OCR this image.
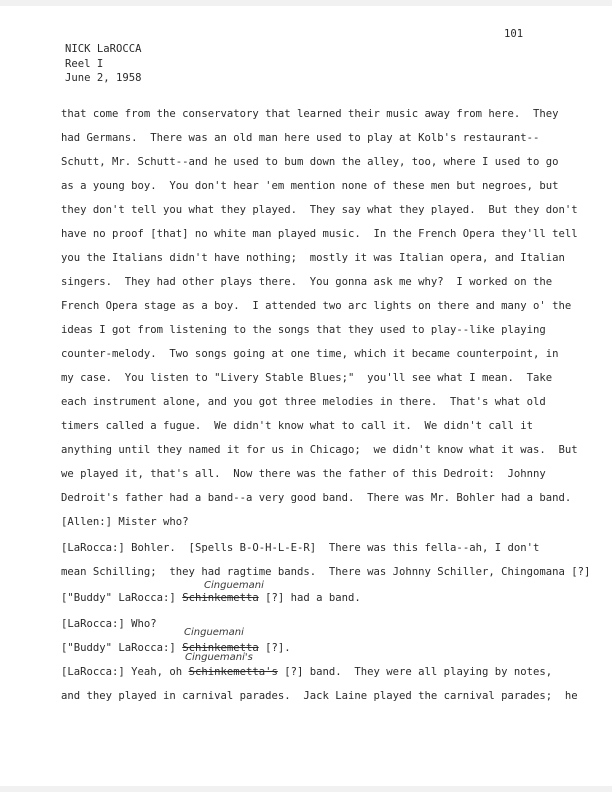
101
NICK LaROCCA
Reel I
June 2, 1958
that come from the conservatory that learned their music away from here.  They
had Germans.  There was an old man here used to play at Kolb's restaurant--
Schutt, Mr. Schutt--and he used to bum down the alley, too, where I used to go
as a young boy.  You don't hear 'em mention none of these men but negroes, but
they don't tell you what they played.  They say what they played.  But they don't
have no proof [that] no white man played music.  In the French Opera they'll tell
you the Italians didn't have nothing;  mostly it was Italian opera, and Italian
singers.  They had other plays there.  You gonna ask me why?  I worked on the
French Opera stage as a boy.  I attended two arc lights on there and many o' the
ideas I got from listening to the songs that they used to play--like playing
counter-melody.  Two songs going at one time, which it became counterpoint, in
my case.  You listen to "Livery Stable Blues;"  you'll see what I mean.  Take
each instrument alone, and you got three melodies in there.  That's what old
timers called a fugue.  We didn't know what to call it.  We didn't call it
anything until they named it for us in Chicago;  we didn't know what it was.  But
we played it, that's all.  Now there was the father of this Dedroit:  Johnny
Dedroit's father had a band--a very good band.  There was Mr. Bohler had a band.
[Allen:] Mister who?
[LaRocca:] Bohler.  [Spells B-O-H-L-E-R]  There was this fella--ah, I don't
mean Schilling;  they had ragtime bands.  There was Johnny Schiller, Chingomana [?]
Cinguemani
["Buddy" LaRocca:] Schinkemetta [?] had a band.
[LaRocca:] Who?
Cinguemani
["Buddy" LaRocca:] Schinkemetta [?].
Cinguemani's
[LaRocca:] Yeah, oh Schinkemetta's [?] band.  They were all playing by notes,
and they played in carnival parades.  Jack Laine played the carnival parades;  he
